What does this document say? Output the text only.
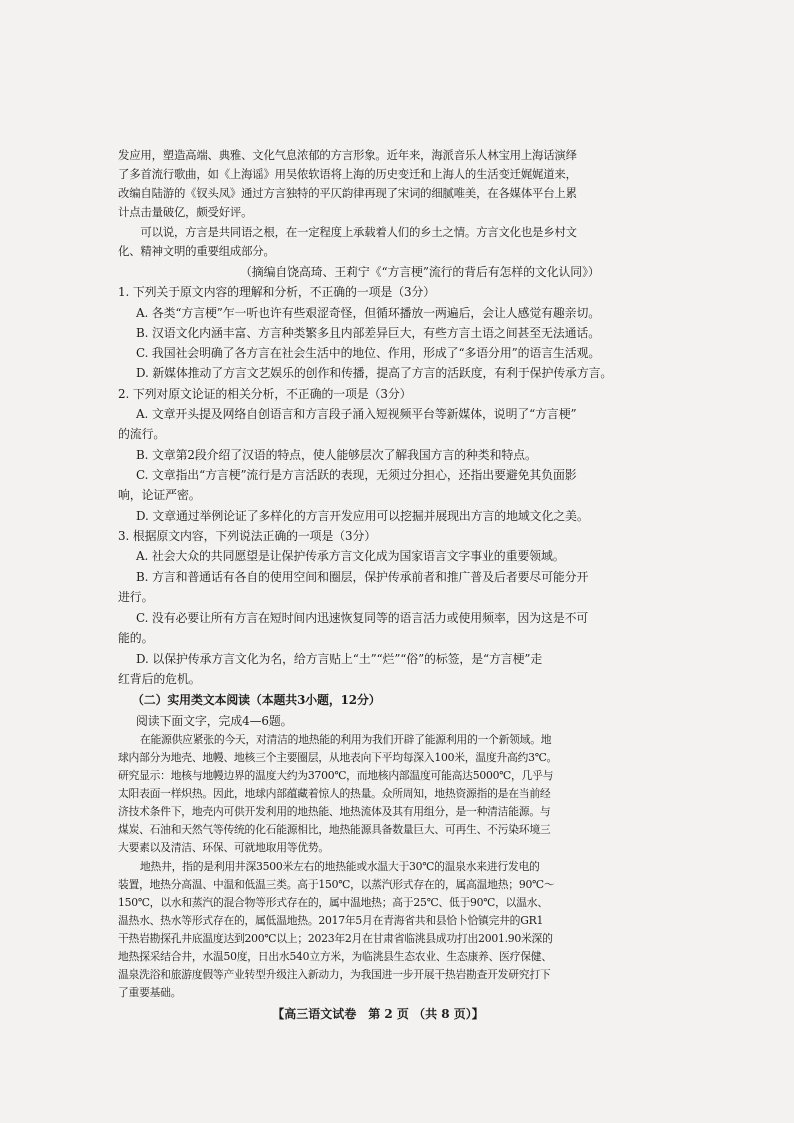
发应用，塑造高端、典雅、文化气息浓郁的方言形象。近年来，海派音乐人林宝用上海话演绎
了多首流行歌曲，如《上海谣》用吴侬软语将上海的历史变迁和上海人的生活变迁娓娓道来，
改编自陆游的《钗头凤》通过方言独特的平仄韵律再现了宋词的细腻唯美，在各媒体平台上累
计点击量破亿，颇受好评。
　　可以说，方言是共同语之根，在一定程度上承载着人们的乡土之情。方言文化也是乡村文
化、精神文明的重要组成部分。
（摘编自饶高琦、王莉宁《“方言梗”流行的背后有怎样的文化认同》）
1. 下列关于原文内容的理解和分析，不正确的一项是（3分）
A. 各类“方言梗”乍一听也许有些艰涩奇怪，但循环播放一两遍后，会让人感觉有趣亲切。
B. 汉语文化内涵丰富、方言种类繁多且内部差异巨大，有些方言土语之间甚至无法通话。
C. 我国社会明确了各方言在社会生活中的地位、作用，形成了“多语分用”的语言生活观。
D. 新媒体推动了方言文艺娱乐的创作和传播，提高了方言的活跃度，有利于保护传承方言。
2. 下列对原文论证的相关分析，不正确的一项是（3分）
A. 文章开头提及网络自创语言和方言段子涌入短视频平台等新媒体，说明了“方言梗”
的流行。
B. 文章第2段介绍了汉语的特点，使人能够层次了解我国方言的种类和特点。
C. 文章指出“方言梗”流行是方言活跃的表现，无须过分担心，还指出要避免其负面影
响，论证严密。
D. 文章通过举例论证了多样化的方言开发应用可以挖掘并展现出方言的地域文化之美。
3. 根据原文内容，下列说法正确的一项是（3分）
A. 社会大众的共同愿望是让保护传承方言文化成为国家语言文字事业的重要领域。
B. 方言和普通话有各自的使用空间和圈层，保护传承前者和推广普及后者要尽可能分开
进行。
C. 没有必要让所有方言在短时间内迅速恢复同等的语言活力或使用频率，因为这是不可
能的。
D. 以保护传承方言文化为名，给方言贴上“土”“烂”“俗”的标签，是“方言梗”走
红背后的危机。
（二）实用类文本阅读（本题共3小题，12分）
阅读下面文字，完成4—6题。
在能源供应紧张的今天，对清洁的地热能的利用为我们开辟了能源利用的一个新领域。地
球内部分为地壳、地幔、地核三个主要圈层，从地表向下平均每深入100米，温度升高约3℃。
研究显示：地核与地幔边界的温度大约为3700℃，而地核内部温度可能高达5000℃，几乎与
太阳表面一样炽热。因此，地球内部蕴藏着惊人的热量。众所周知，地热资源指的是在当前经
济技术条件下，地壳内可供开发利用的地热能、地热流体及其有用组分，是一种清洁能源。与
煤炭、石油和天然气等传统的化石能源相比，地热能源具备数量巨大、可再生、不污染环境三
大要素以及清洁、环保、可就地取用等优势。
地热井，指的是利用井深3500米左右的地热能或水温大于30℃的温泉水来进行发电的
装置，地热分高温、中温和低温三类。高于150℃，以蒸汽形式存在的，属高温地热；90℃～
150℃，以水和蒸汽的混合物等形式存在的，属中温地热；高于25℃、低于90℃，以温水、
温热水、热水等形式存在的，属低温地热。2017年5月在青海省共和县恰卜恰镇完井的GR1
干热岩勘探孔井底温度达到200℃以上；2023年2月在甘肃省临洮县成功打出2001.90米深的
地热探采结合井，水温50度，日出水540立方米，为临洮县生态农业、生态康养、医疗保健、
温泉洗浴和旅游度假等产业转型升级注入新动力，为我国进一步开展干热岩勘查开发研究打下
了重要基础。
【高三语文试卷　第 2 页 （共 8 页）】
